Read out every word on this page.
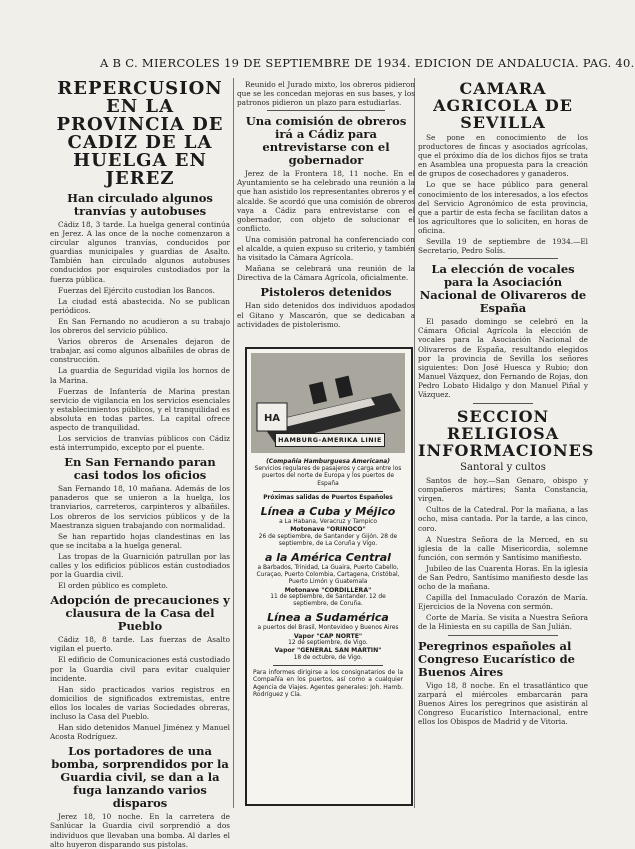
A B C. MIERCOLES 19 DE SEPTIEMBRE DE 1934. EDICION DE ANDALUCIA. PAG. 40.
REPERCUSION EN LA PROVINCIA DE CADIZ DE LA HUELGA EN JEREZ
Han circulado algunos tranvías y autobuses

Cádiz 18, 3 tarde. La huelga general continúa en Jerez. A las once de la noche comenzaron a circular algunos tranvías, conducidos por guardias municipales y guardias de Asalto. También han circulado algunos autobuses conducidos por esquiroles custodiados por la fuerza pública.

Fuerzas del Ejército custodian los Bancos.

La ciudad está abastecida. No se publican periódicos.

En San Fernando no acudieron a su trabajo los obreros del servicio público.

Varios obreros de Arsenales dejaron de trabajar, así como algunos albañiles de obras de construcción.

La guardia de Seguridad vigila los hornos de la Marina.

Fuerzas de Infantería de Marina prestan servicio de vigilancia en los servicios esenciales y establecimientos públicos, y el tranquilidad es absoluta en todas partes. La capital ofrece aspecto de tranquilidad.

Los servicios de tranvías públicos con Cádiz está interrumpido, excepto por el puente.

En San Fernando paran casi todos los oficios

San Fernando 18, 10 mañana. Además de los panaderos que se unieron a la huelga, los tranviarios, carreteros, carpinteros y albañiles. Los obreros de los servicios públicos y de la Maestranza siguen trabajando con normalidad.

Se han repartido hojas clandestinas en las que se incitaba a la huelga general.

Las tropas de la Guarnición patrullan por las calles y los edificios públicos están custodiados por la Guardia civil.

El orden público es completo.

Adopción de precauciones y clausura de la Casa del Pueblo

Cádiz 18, 8 tarde. Las fuerzas de Asalto vigilan el puerto.

El edificio de Comunicaciones está custodiado por la Guardia civil para evitar cualquier incidente.

Han sido practicados varios registros en domicilios de significados extremistas, entre ellos los locales de varias Sociedades obreras, incluso la Casa del Pueblo.

Han sido detenidos Manuel Jiménez y Manuel Acosta Rodríguez.

Los portadores de una bomba, sorprendidos por la Guardia civil, se dan a la fuga lanzando varios disparos

Jerez 18, 10 noche. En la carretera de Sanlúcar la Guardia civil sorprendió a dos individuos que llevaban una bomba. Al darles el alto huyeron disparando sus pistolas.

Reunido el Jurado mixto, los obreros pidieron que se les concedan mejoras en sus bases, y los patronos pidieron un plazo para estudiarlas.

Una comisión de obreros irá a Cádiz para entrevistarse con el gobernador

Jerez de la Frontera 18, 11 noche. En el Ayuntamiento se ha celebrado una reunión a la que han asistido los representantes obreros y el alcalde. Se acordó que una comisión de obreros vaya a Cádiz para entrevistarse con el gobernador, con objeto de solucionar el conflicto.

Una comisión patronal ha conferenciado con el alcalde, a quien expuso su criterio, y también ha visitado la Cámara Agrícola.

Mañana se celebrará una reunión de la Directiva de la Cámara Agrícola, oficialmente.

Pistoleros detenidos

Han sido detenidos dos individuos apodados el Gitano y Mascarón, que se dedicaban a actividades de pistolerismo.

HA
HAMBURG-AMERIKA LINIE
(Compañía Hamburguesa Americana)
Servicios regulares de pasajeros y carga entre los puertos del norte de Europa y los puertos de España
Próximas salidas de Puertos Españoles
Línea a Cuba y Méjico
a La Habana, Veracruz y Tampico
Motonave "ORINOCO"
26 de septiembre, de Santander y Gijón. 28 de septiembre, de La Coruña y Vigo.
a la América Central
a Barbados, Trinidad, La Guaira, Puerto Cabello, Curaçao, Puerto Colombia, Cartagena, Cristóbal, Puerto Limón y Guatemala
Motonave "CORDILLERA"
11 de septiembre, de Santander. 12 de septiembre, de Coruña.
Línea a Sudamérica
a puertos del Brasil, Montevideo y Buenos Aires
Vapor "CAP NORTE"
12 de septiembre, de Vigo.
Vapor "GENERAL SAN MARTIN"
18 de octubre, de Vigo.
Para informes dirigirse a los consignatarios de la Compañía en los puertos, así como a cualquier Agencia de Viajes. Agentes generales: Joh. Hamb. Rodríguez y Cía.
CAMARA AGRICOLA DE SEVILLA

Se pone en conocimiento de los productores de fincas y asociados agrícolas, que el próximo día de los dichos fijos se trata en Asamblea una propuesta para la creación de grupos de cosechadores y ganaderos.

Lo que se hace público para general conocimiento de los interesados, a los efectos del Servicio Agronómico de esta provincia, que a partir de esta fecha se facilitan datos a los agricultores que lo soliciten, en horas de oficina.

Sevilla 19 de septiembre de 1934.—El Secretario, Pedro Solís.

La elección de vocales para la Asociación Nacional de Olivareros de España

El pasado domingo se celebró en la Cámara Oficial Agrícola la elección de vocales para la Asociación Nacional de Olivareros de España, resultando elegidos por la provincia de Sevilla los señores siguientes: Don José Huesca y Rubio; don Manuel Vázquez, don Fernando de Rojas, don Pedro Lobato Hidalgo y don Manuel Piñal y Vázquez.

SECCION RELIGIOSA INFORMACIONES
Santoral y cultos

Santos de hoy.—San Genaro, obispo y compañeros mártires; Santa Constancia, virgen.

Cultos de la Catedral. Por la mañana, a las ocho, misa cantada. Por la tarde, a las cinco, coro.

A Nuestra Señora de la Merced, en su iglesia de la calle Misericordia, solemne función, con sermón y Santísimo manifiesto.

Jubileo de las Cuarenta Horas. En la iglesia de San Pedro, Santísimo manifiesto desde las ocho de la mañana.

Capilla del Inmaculado Corazón de María. Ejercicios de la Novena con sermón.

Corte de María. Se visita a Nuestra Señora de la Hiniesta en su capilla de San Julián.

Peregrinos españoles al Congreso Eucarístico de Buenos Aires

Vigo 18, 8 noche. En el trasatlántico que zarpará el miércoles embarcarán para Buenos Aires los peregrinos que asistirán al Congreso Eucarístico Internacional, entre ellos los Obispos de Madrid y de Vitoria.
